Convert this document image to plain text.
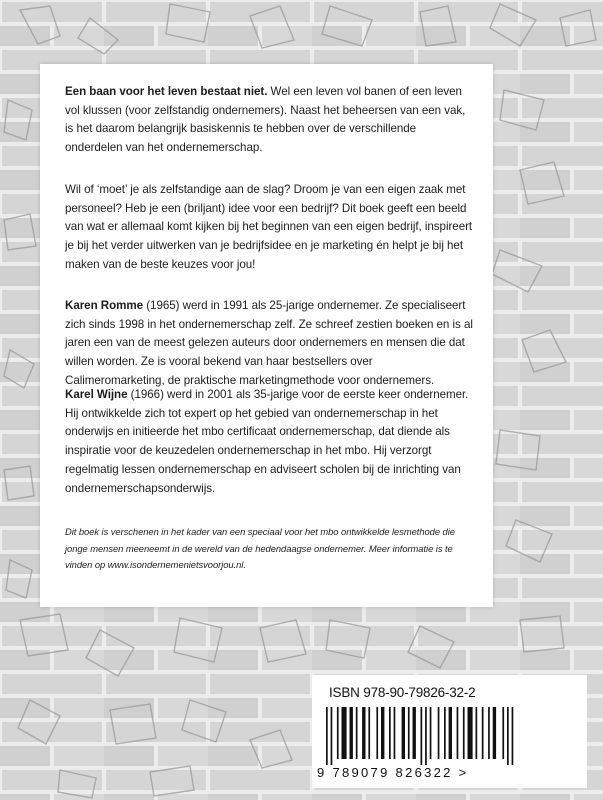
Een baan voor het leven bestaat niet. Wel een leven vol banen of een leven vol klussen (voor zelfstandig ondernemers). Naast het beheersen van een vak, is het daarom belangrijk basiskennis te hebben over de verschillende onderdelen van het ondernemerschap.

Wil of ‘moet’ je als zelfstandige aan de slag? Droom je van een eigen zaak met personeel? Heb je een (briljant) idee voor een bedrijf? Dit boek geeft een beeld van wat er allemaal komt kijken bij het beginnen van een eigen bedrijf, inspireert je bij het verder uitwerken van je bedrijfsidee en je marketing én helpt je bij het maken van de beste keuzes voor jou!

Karen Romme (1965) werd in 1991 als 25-jarige ondernemer. Ze specialiseert zich sinds 1998 in het ondernemerschap zelf. Ze schreef zestien boeken en is al jaren een van de meest gelezen auteurs door ondernemers en mensen die dat willen worden. Ze is vooral bekend van haar bestsellers over Calimeromarketing, de praktische marketingmethode voor ondernemers.

Karel Wijne (1966) werd in 2001 als 35-jarige voor de eerste keer ondernemer. Hij ontwikkelde zich tot expert op het gebied van ondernemerschap in het onderwijs en initieerde het mbo certificaat ondernemerschap, dat diende als inspiratie voor de keuzedelen ondernemerschap in het mbo. Hij verzorgt regelmatig lessen ondernemerschap en adviseert scholen bij de inrichting van ondernemerschapsonderwijs.

Dit boek is verschenen in het kader van een speciaal voor het mbo ontwikkelde lesmethode die jonge mensen meeneemt in de wereld van de hedendaagse ondernemer. Meer informatie is te vinden op www.isondernemenietsvoorjou.nl.

ISBN 978-90-79826-32-2
9 789079 826322 >
